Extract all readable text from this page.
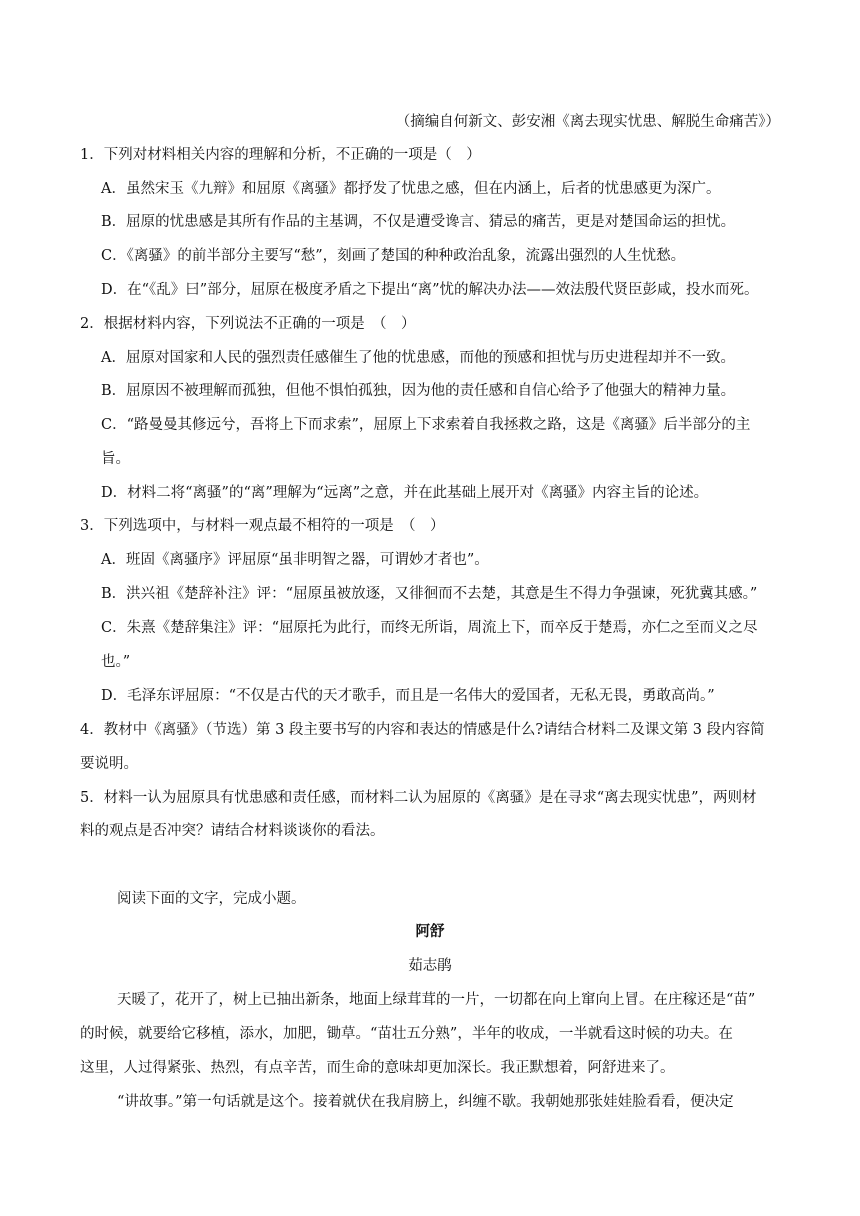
（摘编自何新文、彭安湘《离去现实忧患、解脱生命痛苦》）
1．下列对材料相关内容的理解和分析，不正确的一项是（　）
A．虽然宋玉《九辩》和屈原《离骚》都抒发了忧患之感，但在内涵上，后者的忧患感更为深广。
B．屈原的忧患感是其所有作品的主基调，不仅是遭受谗言、猜忌的痛苦，更是对楚国命运的担忧。
C．《离骚》的前半部分主要写“愁”，刻画了楚国的种种政治乱象，流露出强烈的人生忧愁。
D．在“《乱》曰”部分，屈原在极度矛盾之下提出“离”忧的解决办法——效法殷代贤臣彭咸，投水而死。
2．根据材料内容，下列说法不正确的一项是　（　）
A．屈原对国家和人民的强烈责任感催生了他的忧患感，而他的预感和担忧与历史进程却并不一致。
B．屈原因不被理解而孤独，但他不惧怕孤独，因为他的责任感和自信心给予了他强大的精神力量。
C．“路曼曼其修远兮，吾将上下而求索”，屈原上下求索着自我拯救之路，这是《离骚》后半部分的主
旨。
D．材料二将“离骚”的“离”理解为“远离”之意，并在此基础上展开对《离骚》内容主旨的论述。
3．下列选项中，与材料一观点最不相符的一项是　（　）
A．班固《离骚序》评屈原“虽非明智之器，可谓妙才者也”。
B．洪兴祖《楚辞补注》评：“屈原虽被放逐，又徘徊而不去楚，其意是生不得力争强谏，死犹冀其感。”
C．朱熹《楚辞集注》评：“屈原托为此行，而终无所诣，周流上下，而卒反于楚焉，亦仁之至而义之尽
也。”
D．毛泽东评屈原：“不仅是古代的天才歌手，而且是一名伟大的爱国者，无私无畏，勇敢高尚。”
4．教材中《离骚》（节选）第 3 段主要书写的内容和表达的情感是什么?请结合材料二及课文第 3 段内容简
要说明。
5．材料一认为屈原具有忧患感和责任感，而材料二认为屈原的《离骚》是在寻求“离去现实忧患”，两则材
料的观点是否冲突？请结合材料谈谈你的看法。
阅读下面的文字，完成小题。
阿舒
茹志鹃
天暖了，花开了，树上已抽出新条，地面上绿茸茸的一片，一切都在向上窜向上冒。在庄稼还是“苗”
的时候，就要给它移植，添水，加肥，锄草。“苗壮五分熟”，半年的收成，一半就看这时候的功夫。在
这里，人过得紧张、热烈，有点辛苦，而生命的意味却更加深长。我正默想着，阿舒进来了。
“讲故事。”第一句话就是这个。接着就伏在我肩膀上，纠缠不歇。我朝她那张娃娃脸看看，便决定
